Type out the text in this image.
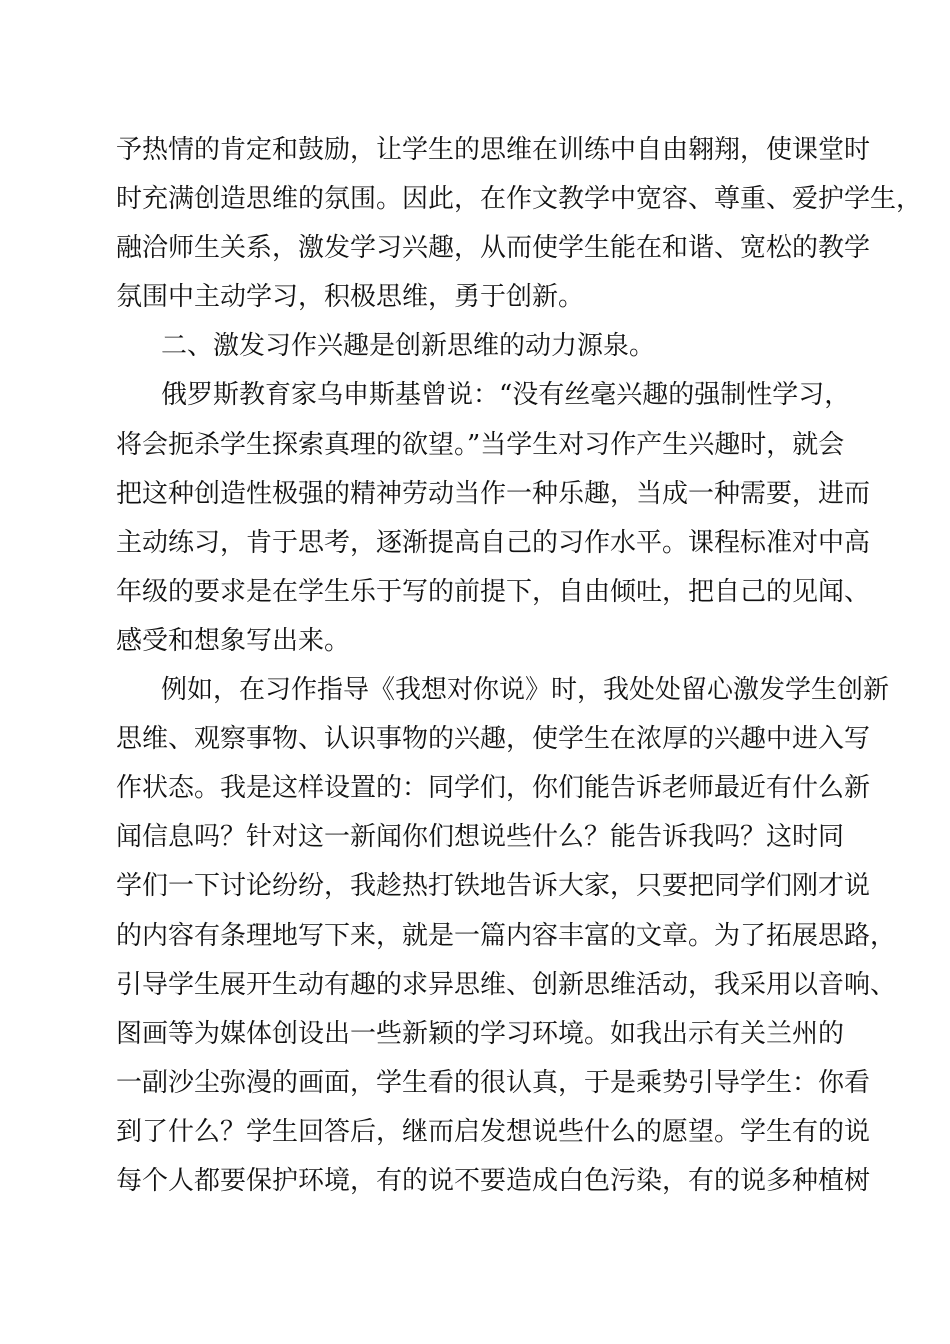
予热情的肯定和鼓励，让学生的思维在训练中自由翱翔，使课堂时
时充满创造思维的氛围。因此，在作文教学中宽容、尊重、爱护学生，
融洽师生关系，激发学习兴趣，从而使学生能在和谐、宽松的教学
氛围中主动学习，积极思维，勇于创新。
二、激发习作兴趣是创新思维的动力源泉。
俄罗斯教育家乌申斯基曾说：“没有丝毫兴趣的强制性学习，
将会扼杀学生探索真理的欲望。”当学生对习作产生兴趣时，就会
把这种创造性极强的精神劳动当作一种乐趣，当成一种需要，进而
主动练习，肯于思考，逐渐提高自己的习作水平。课程标准对中高
年级的要求是在学生乐于写的前提下，自由倾吐，把自己的见闻、
感受和想象写出来。
例如，在习作指导《我想对你说》时，我处处留心激发学生创新
思维、观察事物、认识事物的兴趣，使学生在浓厚的兴趣中进入写
作状态。我是这样设置的：同学们，你们能告诉老师最近有什么新
闻信息吗？针对这一新闻你们想说些什么？能告诉我吗？这时同
学们一下讨论纷纷，我趁热打铁地告诉大家，只要把同学们刚才说
的内容有条理地写下来，就是一篇内容丰富的文章。为了拓展思路，
引导学生展开生动有趣的求异思维、创新思维活动，我采用以音响、
图画等为媒体创设出一些新颖的学习环境。如我出示有关兰州的
一副沙尘弥漫的画面，学生看的很认真，于是乘势引导学生：你看
到了什么？学生回答后，继而启发想说些什么的愿望。学生有的说
每个人都要保护环境，有的说不要造成白色污染，有的说多种植树
